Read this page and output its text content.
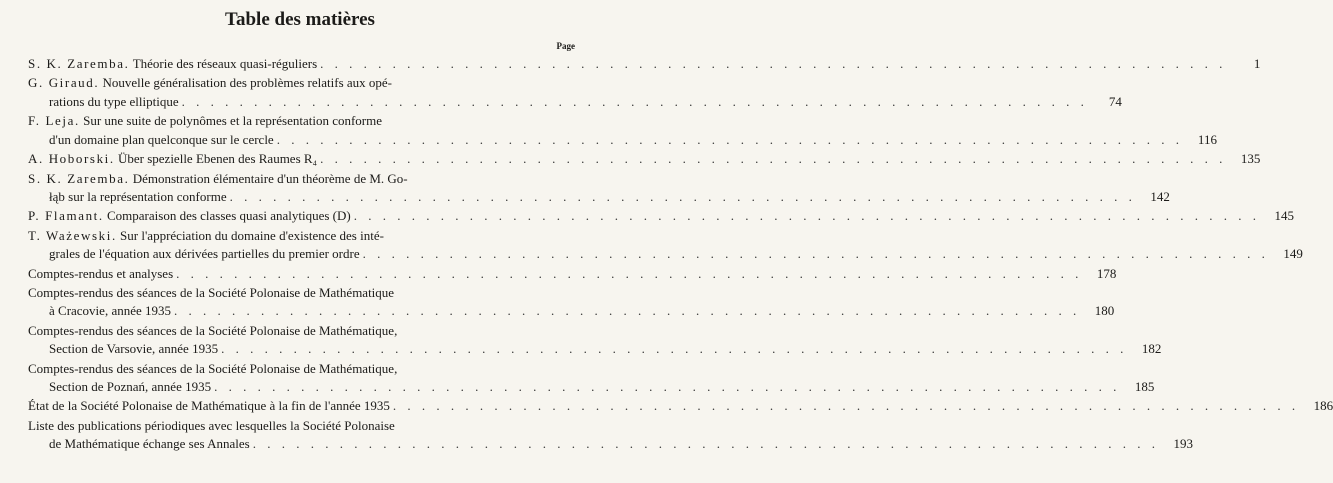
Table des matières
Page
S. K. Zaremba.
Théorie des réseaux quasi-réguliers . . . . . . . . . . . . . . . . . . . . . . . . . . . . . . . . . . . . . . . . . . . . . . . . . . . . . . . . . . . . . . .	1
G. Giraud.
Nouvelle généralisation des problèmes relatifs aux opé-
rations du type elliptique . . . . . . . . . . . . . . . . . . . . . . . . . . . . . . . . . . . . . . . . . . . . . . . . . . . . . . . . . . . . . . .	74
F. Leja.
Sur une suite de polynômes et la représentation conforme
d'un domaine plan quelconque sur le cercle . . . . . . . . . . . . . . . . . . . . . . . . . . . . . . . . . . . . . . . . . . . . . . . . . . . . . . . . . . . . . . .	116
A. Hoborski.
Über spezielle Ebenen des Raumes R₄ . . . . . . . . . . . . . . . . . . . . . . . . . . . . . . . . . . . . . . . . . . . . . . . . . . . . . . . . . . . . . . .	135
S. K. Zaremba.
Démonstration élémentaire d'un théorème de M. Go-
łąb sur la représentation conforme . . . . . . . . . . . . . . . . . . . . . . . . . . . . . . . . . . . . . . . . . . . . . . . . . . . . . . . . . . . . . . .	142
P. Flamant.
Comparaison des classes quasi analytiques (D) . . . . . . . . . . . . . . . . . . . . . . . . . . . . . . . . . . . . . . . . . . . . . . . . . . . . . . . . . . . . . . .	145
T. Ważewski.
Sur l'appréciation du domaine d'existence des inté-
grales de l'équation aux dérivées partielles du premier ordre . . . . . . . . . . . . . . . . . . . . . . . . . . . . . . . . . . . . . . . . . . . . . . . . . . . . . . . . . . . . . . .	149
Comptes-rendus et analyses . . . . . . . . . . . . . . . . . . . . . . . . . . . . . . . . . . . . . . . . . . . . . . . . . . . . . . . . . . . . . . .	178
Comptes-rendus des séances de la Société Polonaise de Mathématique
à Cracovie, année 1935 . . . . . . . . . . . . . . . . . . . . . . . . . . . . . . . . . . . . . . . . . . . . . . . . . . . . . . . . . . . . . . .	180
Comptes-rendus des séances de la Société Polonaise de Mathématique,
Section de Varsovie, année 1935 . . . . . . . . . . . . . . . . . . . . . . . . . . . . . . . . . . . . . . . . . . . . . . . . . . . . . . . . . . . . . . .	182
Comptes-rendus des séances de la Société Polonaise de Mathématique,
Section de Poznań, année 1935 . . . . . . . . . . . . . . . . . . . . . . . . . . . . . . . . . . . . . . . . . . . . . . . . . . . . . . . . . . . . . . .	185
État de la Société Polonaise de Mathématique à la fin de l'année 1935 . . . . . . . . . . . . . . . . . . . . . . . . . . . . . . . . . . . . . . . . . . . . . . . . . . . . . . . . . . . . . . .	186
Liste des publications périodiques avec lesquelles la Société Polonaise
de Mathématique échange ses Annales . . . . . . . . . . . . . . . . . . . . . . . . . . . . . . . . . . . . . . . . . . . . . . . . . . . . . . . . . . . . . . .	193
